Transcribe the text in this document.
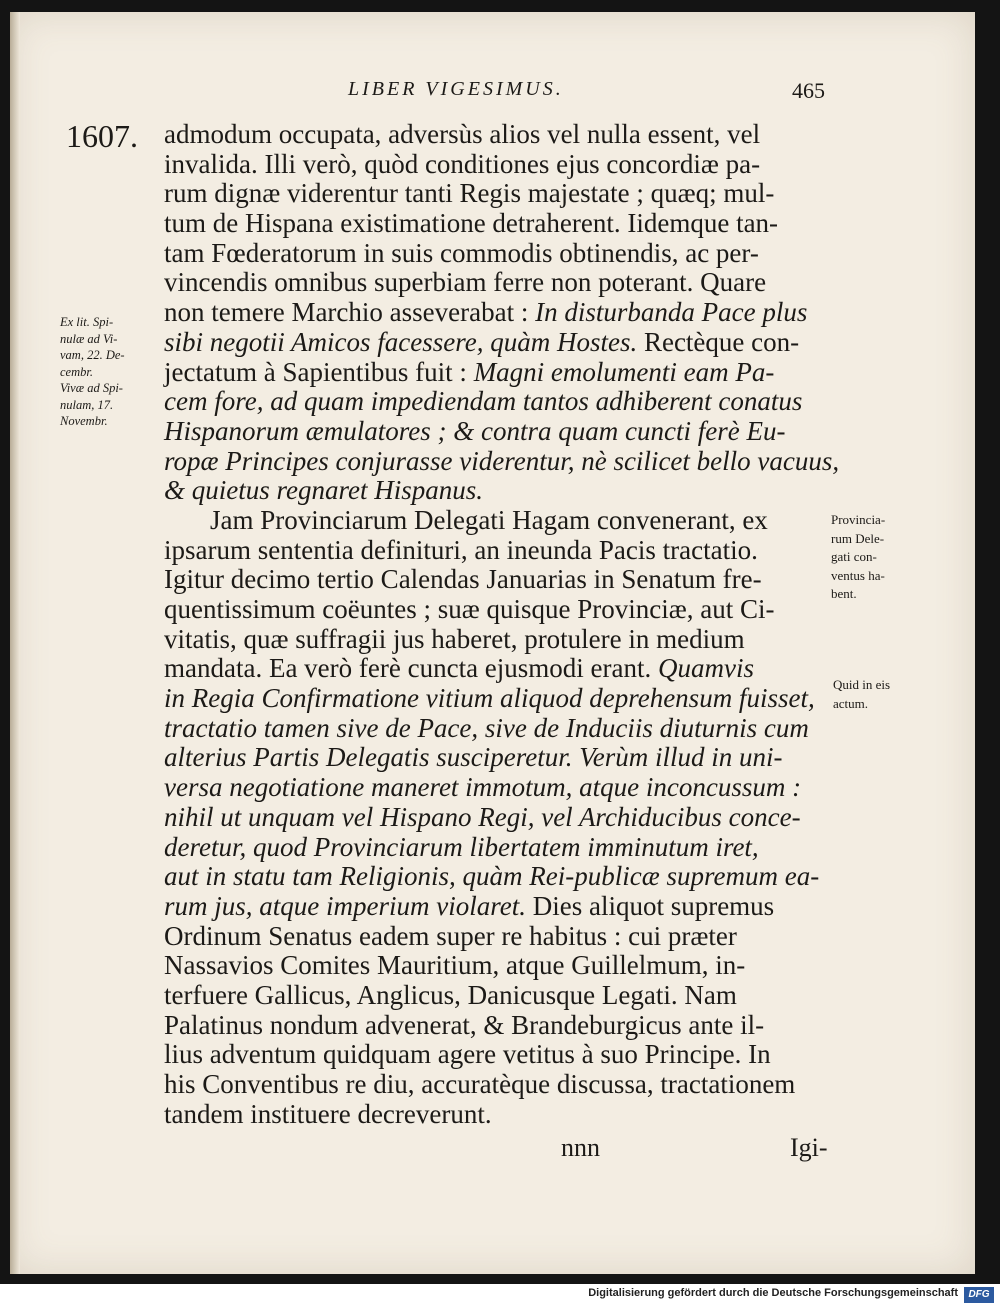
LIBER VIGESIMUS.	465
1607. admodum occupata, adversùs alios vel nulla essent, vel
invalida. Illi verò, quòd conditiones ejus concordiæ pa-
rum dignæ viderentur tanti Regis majestate ; quæq; mul-
tum de Hispana existimatione detraherent. Iidemque tan-
tam Fœderatorum in suis commodis obtinendis, ac per-
vincendis omnibus superbiam ferre non poterant. Quare
non temere Marchio asseverabat : In disturbanda Pace plus
sibi negotii Amicos facessere, quàm Hostes. Rectèque con-
jectatum à Sapientibus fuit : Magni emolumenti eam Pa-
cem fore, ad quam impediendam tantos adhiberent conatus
Hispanorum æmulatores ; & contra quam cuncti ferè Eu-
ropæ Principes conjurasse viderentur, nè scilicet bello vacuus,
& quietus regnaret Hispanus.
Jam Provinciarum Delegati Hagam convenerant, ex
ipsarum sententia definituri, an ineunda Pacis tractatio.
Igitur decimo tertio Calendas Januarias in Senatum fre-
quentissimum coëuntes ; suæ quisque Provinciæ, aut Ci-
vitatis, quæ suffragii jus haberet, protulere in medium
mandata. Ea verò ferè cuncta ejusmodi erant. Quamvis
in Regia Confirmatione vitium aliquod deprehensum fuisset,
tractatio tamen sive de Pace, sive de Induciis diuturnis cum
alterius Partis Delegatis susciperetur. Verùm illud in uni-
versa negotiatione maneret immotum, atque inconcussum :
nihil ut unquam vel Hispano Regi, vel Archiducibus conce-
deretur, quod Provinciarum libertatem imminutum iret,
aut in statu tam Religionis, quàm Rei-publicæ supremum ea-
rum jus, atque imperium violaret. Dies aliquot supremus
Ordinum Senatus eadem super re habitus : cui præter
Nassavios Comites Mauritium, atque Guillelmum, in-
terfuere Gallicus, Anglicus, Danicusque Legati. Nam
Palatinus nondum advenerat, & Brandeburgicus ante il-
lius adventum quidquam agere vetitus à suo Principe. In
his Conventibus re diu, accuratèque discussa, tractationem
tandem instituere decreverunt.
Ex lit. Spi-
nulæ ad Vi-
vam, 22. De-
cembr.
Vivæ ad Spi-
nulam, 17.
Novembr.
Provincia-
rum Dele-
gati con-
ventus ha-
bent.
Quid in eis
actum.
nnn	Igi-
Digitalisierung gefördert durch die Deutsche Forschungsgemeinschaft	DFG
